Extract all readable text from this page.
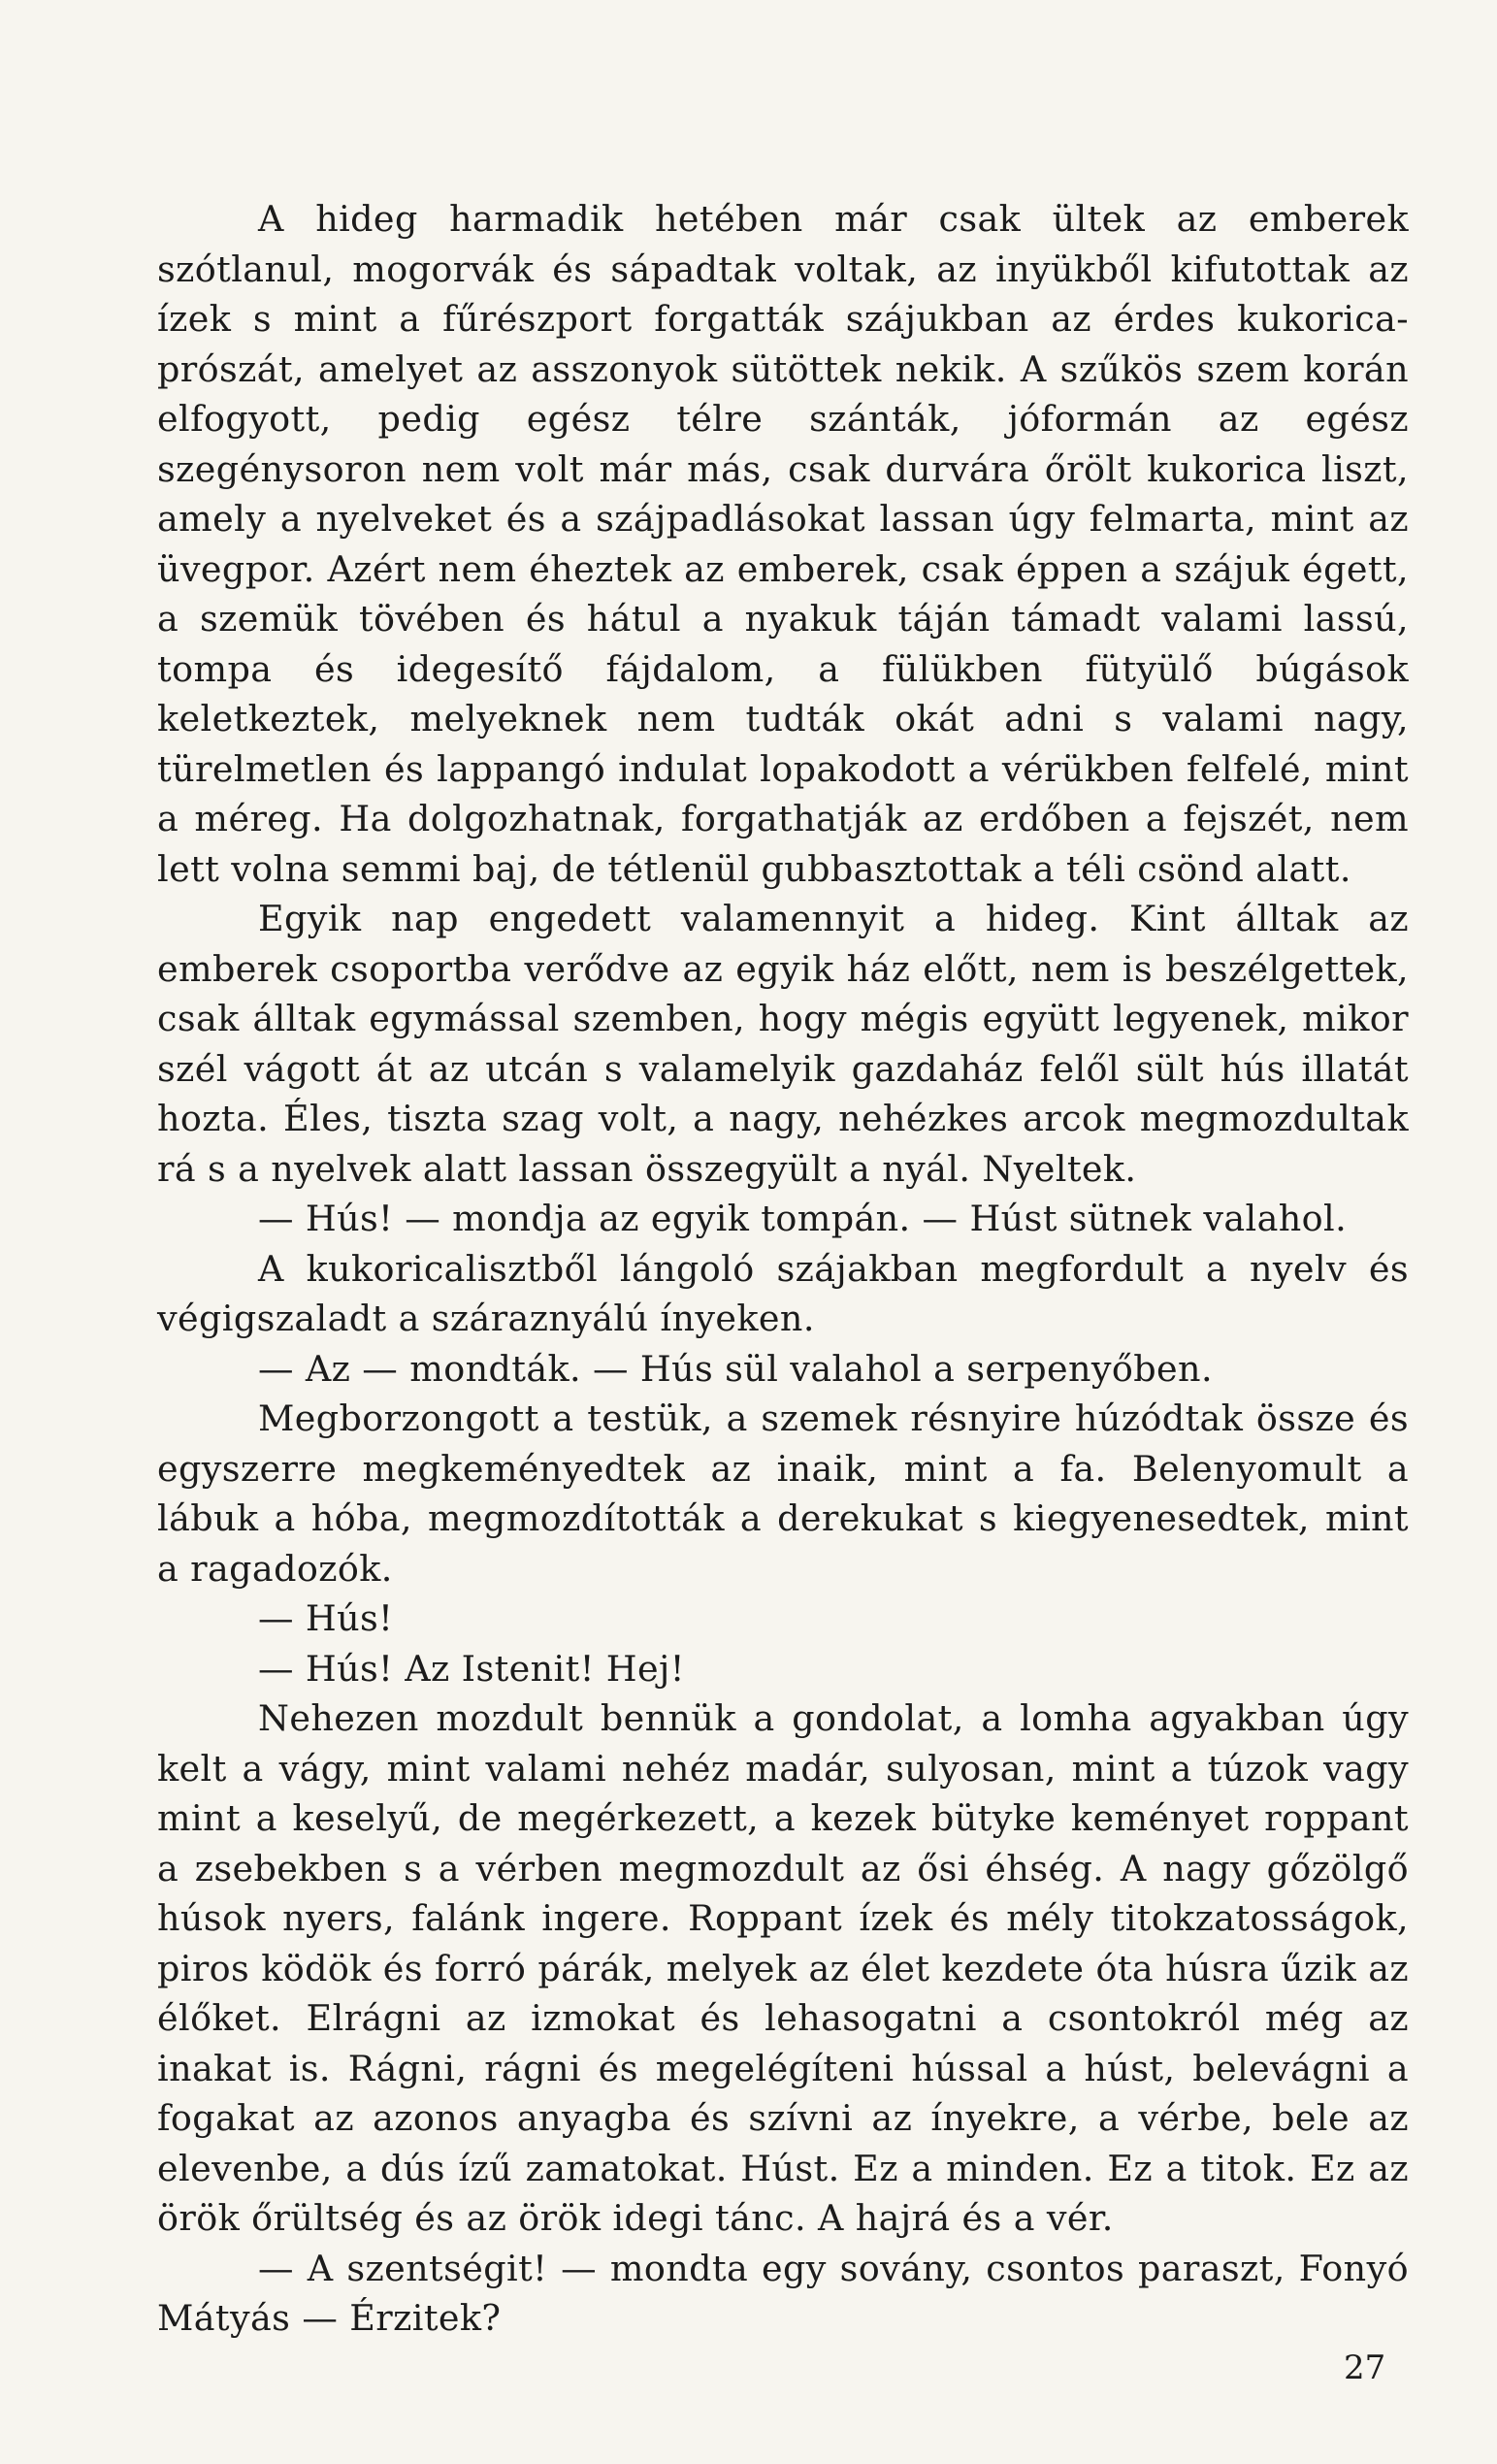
A hideg harmadik hetében már csak ültek az emberek szótlanul, mogorvák és sápadtak voltak, az inyükből kifutottak az ízek s mint a fűrészport forgatták szájukban az érdes kukorica-prószát, amelyet az asszonyok sütöttek nekik. A szűkös szem korán elfogyott, pedig egész télre szánták, jóformán az egész szegénysoron nem volt már más, csak durvára őrölt kukorica liszt, amely a nyelveket és a szájpadlásokat lassan úgy felmarta, mint az üvegpor. Azért nem éheztek az emberek, csak éppen a szájuk égett, a szemük tövében és hátul a nyakuk táján támadt valami lassú, tompa és idegesítő fájdalom, a fülükben fütyülő búgások keletkeztek, melyeknek nem tudták okát adni s valami nagy, türelmetlen és lappangó indulat lopakodott a vérükben felfelé, mint a méreg. Ha dolgozhatnak, forgathatják az erdőben a fejszét, nem lett volna semmi baj, de tétlenül gubbasztottak a téli csönd alatt.

Egyik nap engedett valamennyit a hideg. Kint álltak az emberek csoportba verődve az egyik ház előtt, nem is beszélgettek, csak álltak egymással szemben, hogy mégis együtt legyenek, mikor szél vágott át az utcán s valamelyik gazdaház felől sült hús illatát hozta. Éles, tiszta szag volt, a nagy, nehézkes arcok megmozdultak rá s a nyelvek alatt lassan összegyült a nyál. Nyeltek.

— Hús! — mondja az egyik tompán. — Húst sütnek valahol.

A kukoricalisztből lángoló szájakban megfordult a nyelv és végigszaladt a száraznyálú ínyeken.

— Az — mondták. — Hús sül valahol a serpenyőben.

Megborzongott a testük, a szemek résnyire húzódtak össze és egyszerre megkeményedtek az inaik, mint a fa. Belenyomult a lábuk a hóba, megmozdították a derekukat s kiegyenesedtek, mint a ragadozók.

— Hús!

— Hús! Az Istenit! Hej!

Nehezen mozdult bennük a gondolat, a lomha agyakban úgy kelt a vágy, mint valami nehéz madár, sulyosan, mint a túzok vagy mint a keselyű, de megérkezett, a kezek bütyke keményet roppant a zsebekben s a vérben megmozdult az ősi éhség. A nagy gőzölgő húsok nyers, falánk ingere. Roppant ízek és mély titokzatosságok, piros ködök és forró párák, melyek az élet kezdete óta húsra űzik az élőket. Elrágni az izmokat és lehasogatni a csontokról még az inakat is. Rágni, rágni és megelégíteni hússal a húst, belevágni a fogakat az azonos anyagba és szívni az ínyekre, a vérbe, bele az elevenbe, a dús ízű zamatokat. Húst. Ez a minden. Ez a titok. Ez az örök őrültség és az örök idegi tánc. A hajrá és a vér.

— A szentségit! — mondta egy sovány, csontos paraszt, Fonyó Mátyás — Érzitek?

27
